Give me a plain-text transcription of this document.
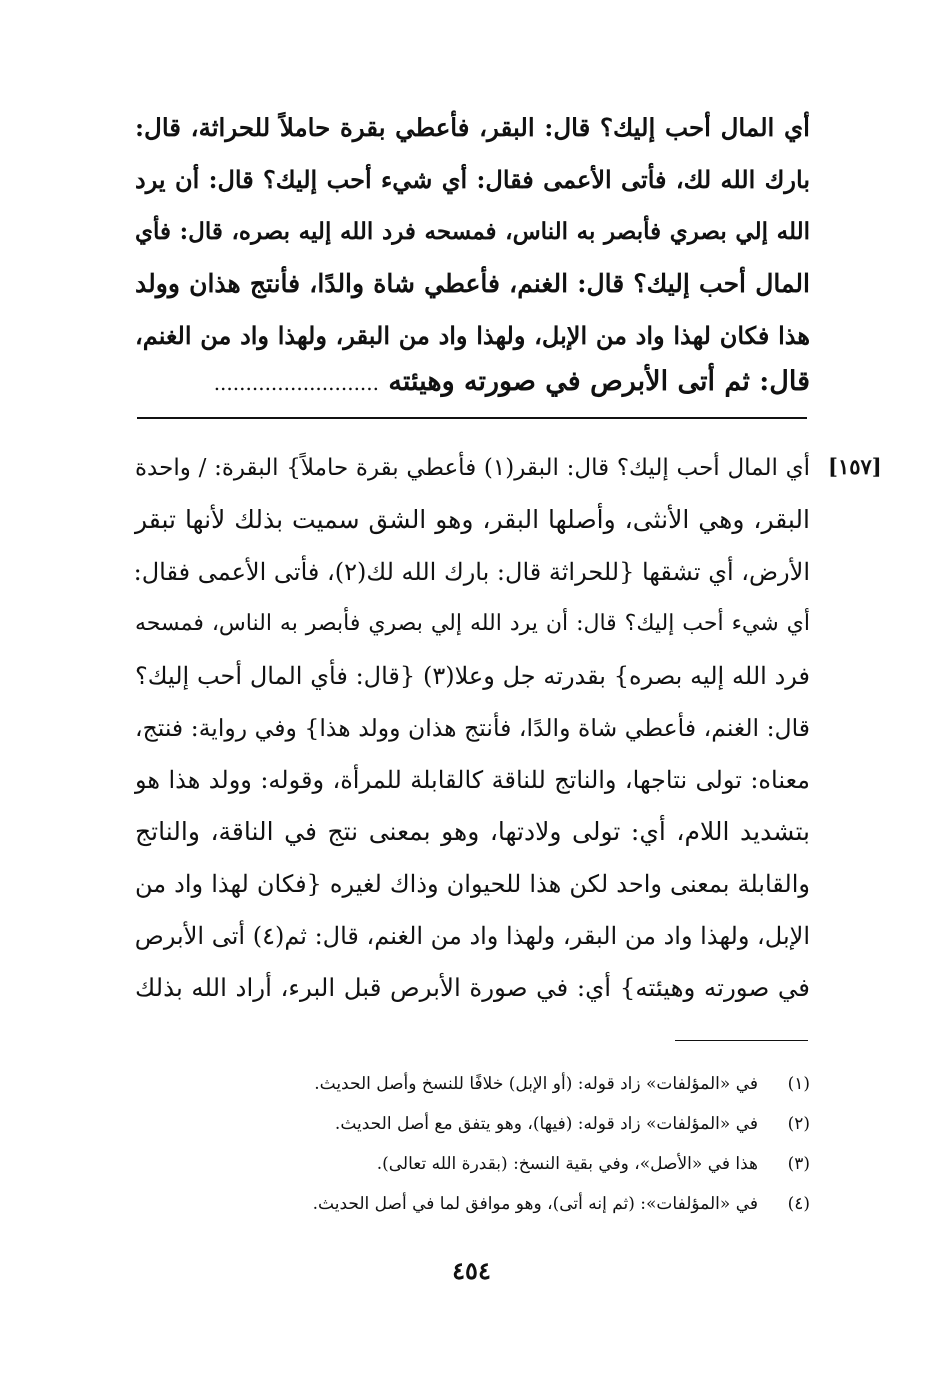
أي المال أحب إليك؟ قال: البقر، فأعطي بقرة حاملاً للحراثة، قال:
بارك الله لك، فأتى الأعمى فقال: أي شيء أحب إليك؟ قال: أن يرد
الله إلي بصري فأبصر به الناس، فمسحه فرد الله إليه بصره، قال: فأي
المال أحب إليك؟ قال: الغنم، فأعطي شاة والدًا، فأنتج هذان وولد
هذا فكان لهذا واد من الإبل، ولهذا واد من البقر، ولهذا واد من الغنم،
قال: ثم أتى الأبرص في صورته وهيئته ..........................
[١٥٧]
أي المال أحب إليك؟ قال: البقر(١) فأعطي بقرة حاملاً} البقرة: / واحدة
البقر، وهي الأنثى، وأصلها البقر، وهو الشق سميت بذلك لأنها تبقر
الأرض، أي تشقها {للحراثة قال: بارك الله لك(٢)، فأتى الأعمى فقال:
أي شيء أحب إليك؟ قال: أن يرد الله إلي بصري فأبصر به الناس، فمسحه
فرد الله إليه بصره} بقدرته جل وعلا(٣) {قال: فأي المال أحب إليك؟
قال: الغنم، فأعطي شاة والدًا، فأنتج هذان وولد هذا} وفي رواية: فنتج،
معناه: تولى نتاجها، والناتج للناقة كالقابلة للمرأة، وقوله: وولد هذا هو
بتشديد اللام، أي: تولى ولادتها، وهو بمعنى نتج في الناقة، والناتج
والقابلة بمعنى واحد لكن هذا للحيوان وذاك لغيره {فكان لهذا واد من
الإبل، ولهذا واد من البقر، ولهذا واد من الغنم، قال: ثم(٤) أتى الأبرص
في صورته وهيئته} أي: في صورة الأبرص قبل البرء، أراد الله بذلك
(١)في «المؤلفات» زاد قوله: (أو الإبل) خلافًا للنسخ وأصل الحديث.
(٢)في «المؤلفات» زاد قوله: (فيها)، وهو يتفق مع أصل الحديث.
(٣)هذا في «الأصل»، وفي بقية النسخ: (بقدرة الله تعالى).
(٤)في «المؤلفات»: (ثم إنه أتى)، وهو موافق لما في أصل الحديث.
٤٥٤
